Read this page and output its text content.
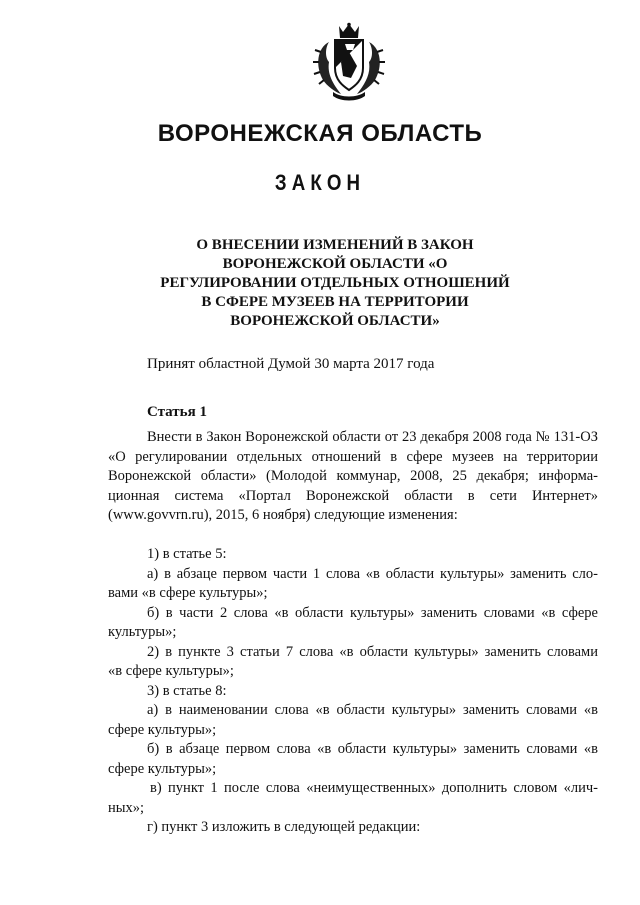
ВОРОНЕЖСКАЯ ОБЛАСТЬ
ЗАКОН
О ВНЕСЕНИИ ИЗМЕНЕНИЙ В ЗАКОН
ВОРОНЕЖСКОЙ ОБЛАСТИ «О
РЕГУЛИРОВАНИИ ОТДЕЛЬНЫХ ОТНОШЕНИЙ
В СФЕРЕ МУЗЕЕВ НА ТЕРРИТОРИИ
ВОРОНЕЖСКОЙ ОБЛАСТИ»
Принят областной Думой 30 марта 2017 года
Статья 1
Внести в Закон Воронежской области от 23 декабря 2008 года № 131-ОЗ
«О регулировании отдельных отношений в сфере музеев на территории
Воронежской области» (Молодой коммунар, 2008, 25 декабря; информа-
ционная система «Портал Воронежской области в сети Интернет»
(www.govvrn.ru), 2015, 6 ноября) следующие изменения:
1) в статье 5:
а) в абзаце первом части 1 слова «в области культуры» заменить сло-
вами «в сфере культуры»;
б) в части 2 слова «в области культуры» заменить словами «в сфере
культуры»;
2) в пункте 3 статьи 7 слова «в области культуры» заменить словами
«в сфере культуры»;
3) в статье 8:
а) в наименовании слова «в области культуры» заменить словами «в
сфере культуры»;
б) в абзаце первом слова «в области культуры» заменить словами «в
сфере культуры»;
в) пункт 1 после слова «неимущественных» дополнить словом «лич-
ных»;
г) пункт 3 изложить в следующей редакции:
